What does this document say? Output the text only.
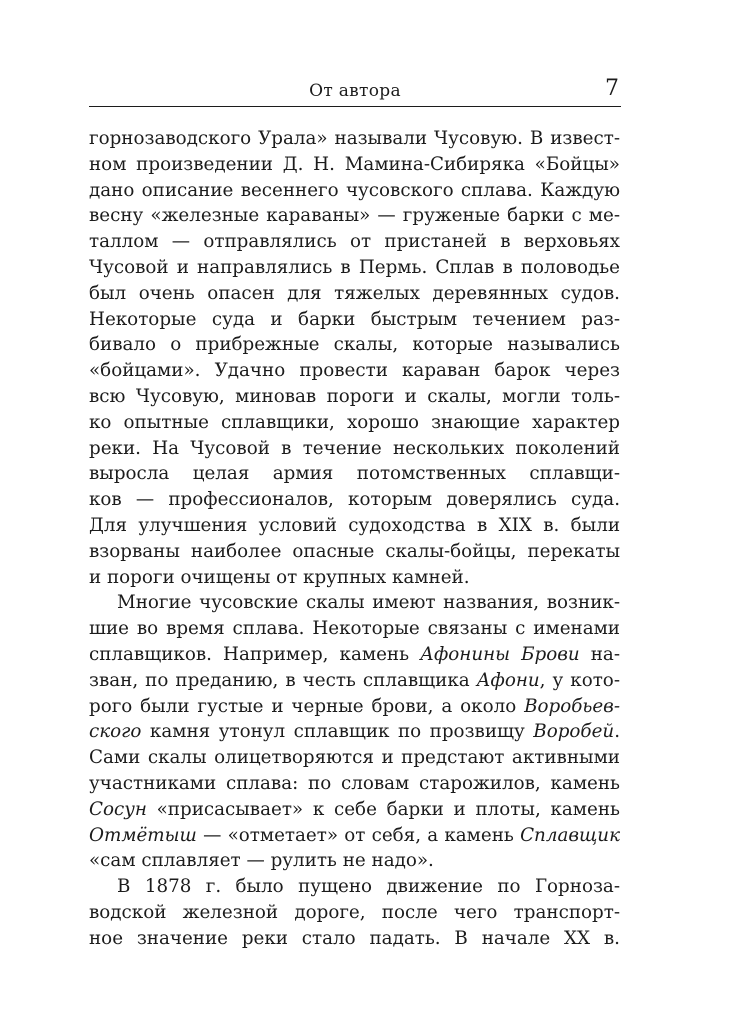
От автора	7
горнозаводского Урала» называли Чусовую. В извест-
ном произведении Д. Н. Мамина-Сибиряка «Бойцы»
дано описание весеннего чусовского сплава. Каждую
весну «железные караваны» — груженые барки с ме-
таллом — отправлялись от пристаней в верховьях
Чусовой и направлялись в Пермь. Сплав в половодье
был очень опасен для тяжелых деревянных судов.
Некоторые суда и барки быстрым течением раз-
бивало о прибрежные скалы, которые назывались
«бойцами». Удачно провести караван барок через
всю Чусовую, миновав пороги и скалы, могли толь-
ко опытные сплавщики, хорошо знающие характер
реки. На Чусовой в течение нескольких поколений
выросла целая армия потомственных сплавщи-
ков — профессионалов, которым доверялись суда.
Для улучшения условий судоходства в XIX в. были
взорваны наиболее опасные скалы-бойцы, перекаты
и пороги очищены от крупных камней.
Многие чусовские скалы имеют названия, возник-
шие во время сплава. Некоторые связаны с именами
сплавщиков. Например, камень Афонины Брови на-
зван, по преданию, в честь сплавщика Афони, у кото-
рого были густые и черные брови, а около Воробьев-
ского камня утонул сплавщик по прозвищу Воробей.
Сами скалы олицетворяются и предстают активными
участниками сплава: по словам старожилов, камень
Сосун «присасывает» к себе барки и плоты, камень
Отмётыш — «отметает» от себя, а камень Сплавщик
«сам сплавляет — рулить не надо».
В 1878 г. было пущено движение по Горноза-
водской железной дороге, после чего транспорт-
ное значение реки стало падать. В начале XX в.
